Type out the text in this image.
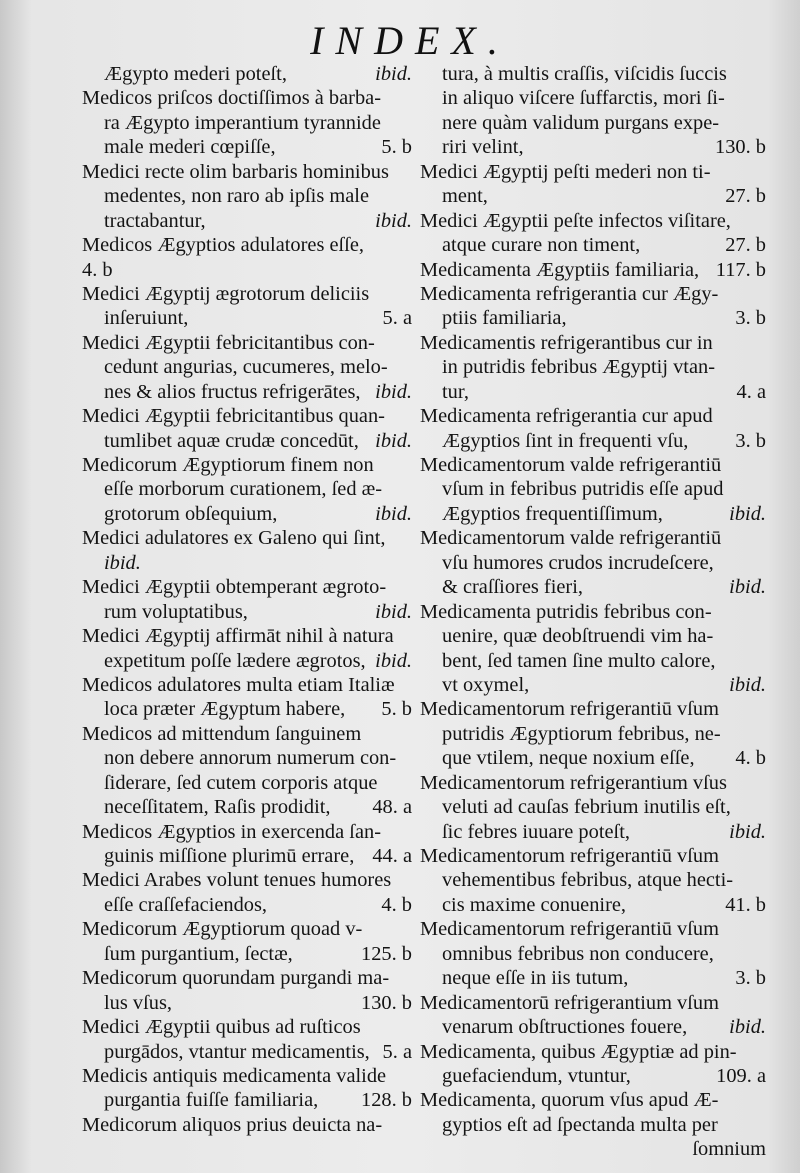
INDEX.
Ægypto mederi poteſt,	ibid.
Medicos priſcos doctiſſimos à barba-
ra Ægypto imperantium tyrannide
male mederi cœpiſſe,	5. b
Medici recte olim barbaris hominibus
medentes, non raro ab ipſis male
tractabantur,	ibid.
Medicos Ægyptios adulatores eſſe,
4. b
Medici Ægyptij ægrotorum deliciis
inſeruiunt,	5. a
Medici Ægyptii febricitantibus con-
cedunt angurias, cucumeres, melo-
nes & alios fructus refrigerātes, ibid.
Medici Ægyptii febricitantibus quan-
tumlibet aquæ crudæ concedūt, ibid.
Medicorum Ægyptiorum finem non
eſſe morborum curationem, ſed æ-
grotorum obſequium,	ibid.
Medici adulatores ex Galeno qui ſint,
ibid.
Medici Ægyptii obtemperant ægroto-
rum voluptatibus,	ibid.
Medici Ægyptij affirmāt nihil à natura
expetitum poſſe lædere ægrotos, ibid.
Medicos adulatores multa etiam Italiæ
loca præter Ægyptum habere, 5. b
Medicos ad mittendum ſanguinem
non debere annorum numerum con-
ſiderare, ſed cutem corporis atque
neceſſitatem, Raſis prodidit, 48. a
Medicos Ægyptios in exercenda ſan-
guinis miſſione plurimū errare, 44. a
Medici Arabes volunt tenues humores
eſſe craſſefaciendos,	4. b
Medicorum Ægyptiorum quoad v-
ſum purgantium, ſectæ,	125. b
Medicorum quorundam purgandi ma-
lus vſus,	130. b
Medici Ægyptii quibus ad ruſticos
purgādos, vtantur medicamentis, 5. a
Medicis antiquis medicamenta valide
purgantia fuiſſe familiaria, 128. b
Medicorum aliquos prius deuicta na-
tura, à multis craſſis, viſcidis ſuccis
in aliquo viſcere ſuffarctis, mori ſi-
nere quàm validum purgans expe-
riri velint,	130. b
Medici Ægyptij peſti mederi non ti-
ment,	27. b
Medici Ægyptii peſte infectos viſitare,
atque curare non timent,	27. b
Medicamenta Ægyptiis familiaria, 117. b
Medicamenta refrigerantia cur Ægy-
ptiis familiaria,	3. b
Medicamentis refrigerantibus cur in
in putridis febribus Ægyptij vtan-
tur,	4. a
Medicamenta refrigerantia cur apud
Ægyptios ſint in frequenti vſu, 3. b
Medicamentorum valde refrigerantiū
vſum in febribus putridis eſſe apud
Ægyptios frequentiſſimum,	ibid.
Medicamentorum valde refrigerantiū
vſu humores crudos incrudeſcere,
& craſſiores fieri,	ibid.
Medicamenta putridis febribus con-
uenire, quæ deobſtruendi vim ha-
bent, ſed tamen ſine multo calore,
vt oxymel,	ibid.
Medicamentorum refrigerantiū vſum
putridis Ægyptiorum febribus, ne-
que vtilem, neque noxium eſſe, 4. b
Medicamentorum refrigerantium vſus
veluti ad cauſas febrium inutilis eſt,
ſic febres iuuare poteſt,	ibid.
Medicamentorum refrigerantiū vſum
vehementibus febribus, atque hecti-
cis maxime conuenire,	41. b
Medicamentorum refrigerantiū vſum
omnibus febribus non conducere,
neque eſſe in iis tutum,	3. b
Medicamentorū refrigerantium vſum
venarum obſtructiones fouere, ibid.
Medicamenta, quibus Ægyptiæ ad pin-
guefaciendum, vtuntur,	109. a
Medicamenta, quorum vſus apud Æ-
gyptios eſt ad ſpectanda multa per
ſomnium
